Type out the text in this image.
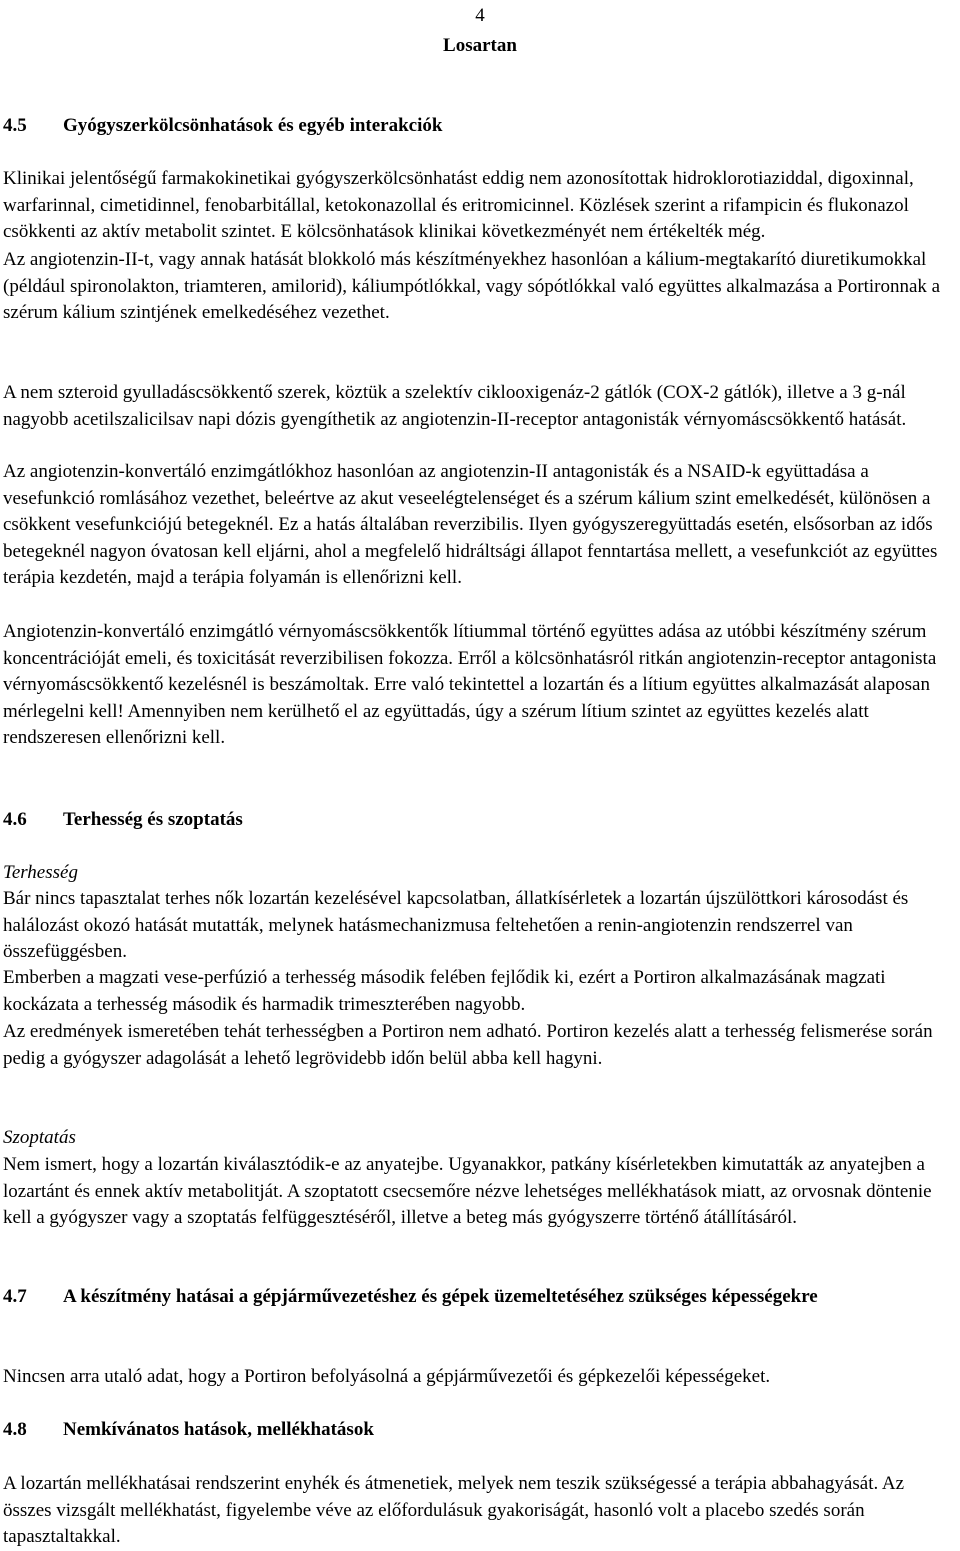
4
Losartan
4.5 Gyógyszerkölcsönhatások és egyéb interakciók

Klinikai jelentőségű farmakokinetikai gyógyszerkölcsönhatást eddig nem azonosítottak hidroklorotiaziddal, digoxinnal, warfarinnal, cimetidinnel, fenobarbitállal, ketokonazollal és eritromicinnel. Közlések szerint a rifampicin és flukonazol csökkenti az aktív metabolit szintet. E kölcsönhatások klinikai következményét nem értékelték még.

Az angiotenzin-II-t, vagy annak hatását blokkoló más készítményekhez hasonlóan a kálium-megtakarító diuretikumokkal (például spironolakton, triamteren, amilorid), káliumpótlókkal, vagy sópótlókkal való együttes alkalmazása a Portironnak a szérum kálium szintjének emelkedéséhez vezethet.

A nem szteroid gyulladáscsökkentő szerek, köztük a szelektív ciklooxigenáz-2 gátlók (COX-2 gátlók), illetve a 3 g-nál nagyobb acetilszalicilsav napi dózis gyengíthetik az angiotenzin-II-receptor antagonisták vérnyomáscsökkentő hatását.

Az angiotenzin-konvertáló enzimgátlókhoz hasonlóan az angiotenzin-II antagonisták és a NSAID-k együttadása a vesefunkció romlásához vezethet, beleértve az akut veseelégtelenséget és a szérum kálium szint emelkedését, különösen a csökkent vesefunkciójú betegeknél. Ez a hatás általában reverzibilis. Ilyen gyógyszeregyüttadás esetén, elsősorban az idős betegeknél nagyon óvatosan kell eljárni, ahol a megfelelő hidráltsági állapot fenntartása mellett, a vesefunkciót az együttes terápia kezdetén, majd a terápia folyamán is ellenőrizni kell.

Angiotenzin-konvertáló enzimgátló vérnyomáscsökkentők lítiummal történő együttes adása az utóbbi készítmény szérum koncentrációját emeli, és toxicitását reverzibilisen fokozza. Erről a kölcsönhatásról ritkán angiotenzin-receptor antagonista vérnyomáscsökkentő kezelésnél is beszámoltak. Erre való tekintettel a lozartán és a lítium együttes alkalmazását alaposan mérlegelni kell! Amennyiben nem kerülhető el az együttadás, úgy a szérum lítium szintet az együttes kezelés alatt rendszeresen ellenőrizni kell.

4.6 Terhesség és szoptatás
Terhesség

Bár nincs tapasztalat terhes nők lozartán kezelésével kapcsolatban, állatkísérletek a lozartán újszülöttkori károsodást és halálozást okozó hatását mutatták, melynek hatásmechanizmusa feltehetően a renin-angiotenzin rendszerrel van összefüggésben.

Emberben a magzati vese-perfúzió a terhesség második felében fejlődik ki, ezért a Portiron alkalmazásának magzati kockázata a terhesség második és harmadik trimeszterében nagyobb.

Az eredmények ismeretében tehát terhességben a Portiron nem adható. Portiron kezelés alatt a terhesség felismerése során pedig a gyógyszer adagolását a lehető legrövidebb időn belül abba kell hagyni.

Szoptatás

Nem ismert, hogy a lozartán kiválasztódik-e az anyatejbe. Ugyanakkor, patkány kísérletekben kimutatták az anyatejben a lozartánt és ennek aktív metabolitját. A szoptatott csecsemőre nézve lehetséges mellékhatások miatt, az orvosnak döntenie kell a gyógyszer vagy a szoptatás felfüggesztéséről, illetve a beteg más gyógyszerre történő átállításáról.

4.7	A készítmény hatásai a gépjárművezetéshez és gépek üzemeltetéséhez szükséges képességekre

Nincsen arra utaló adat, hogy a Portiron befolyásolná a gépjárművezetői és gépkezelői képességeket.

4.8 Nemkívánatos hatások, mellékhatások

A lozartán mellékhatásai rendszerint enyhék és átmenetiek, melyek nem teszik szükségessé a terápia abbahagyását. Az összes vizsgált mellékhatást, figyelembe véve az előfordulásuk gyakoriságát, hasonló volt a placebo szedés során tapasztaltakkal.
